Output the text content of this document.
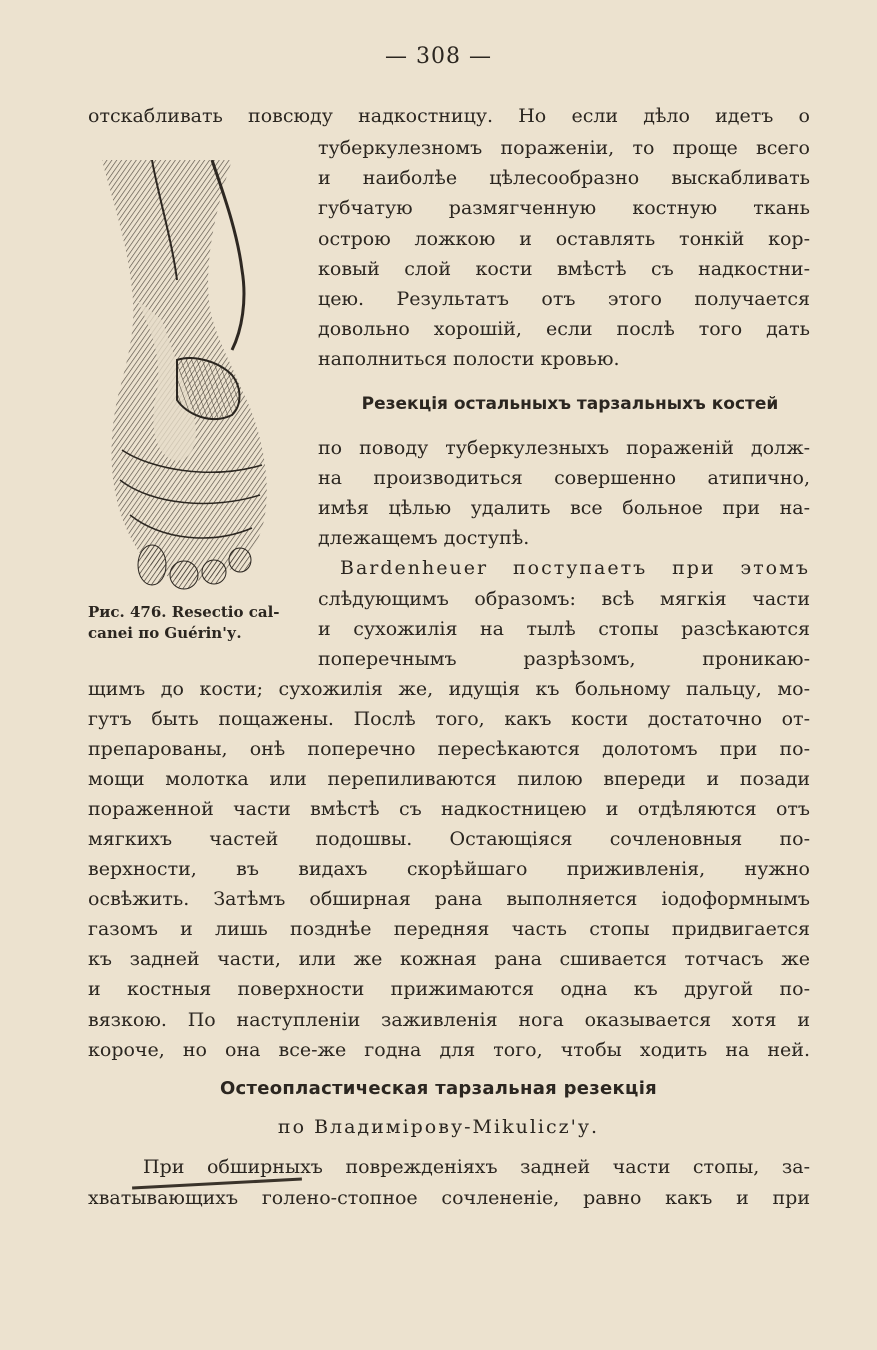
— 308 —
отскабливать повсюду надкостницу. Но если дѣло идетъ о
туберкулезномъ пораженіи, то проще всего
и наиболѣе цѣлесообразно выскабливать
губчатую размягченную костную ткань
острою ложкою и оставлять тонкій кор-
ковый слой кости вмѣстѣ съ надкостни-
цею. Результатъ отъ этого получается
довольно хорошій, если послѣ того дать
наполниться полости кровью.
Резекція остальныхъ тарзальныхъ костей
по поводу туберкулезныхъ пораженій долж-
на производиться совершенно атипично,
имѣя цѣлью удалить все больное при на-
длежащемъ доступѣ.
Рис. 476. Resectio cal-
canei по Guérin'у.
Bardenheuer поступаетъ при этомъ
слѣдующимъ образомъ: всѣ мягкія части
и сухожилія на тылѣ стопы разсѣкаются
поперечнымъ разрѣзомъ, проникаю-
щимъ до кости; сухожилія же, идущія къ больному пальцу, мо-
гутъ быть пощажены. Послѣ того, какъ кости достаточно от-
препарованы, онѣ поперечно пересѣкаются долотомъ при по-
мощи молотка или перепиливаются пилою впереди и позади
пораженной части вмѣстѣ съ надкостницею и отдѣляются отъ
мягкихъ частей подошвы. Остающіяся сочленовныя по-
верхности, въ видахъ скорѣйшаго приживленія, нужно
освѣжить. Затѣмъ обширная рана выполняется іодоформнымъ
газомъ и лишь позднѣе передняя часть стопы придвигается
къ задней части, или же кожная рана сшивается тотчасъ же
и костныя поверхности прижимаются одна къ другой по-
вязкою. По наступленіи заживленія нога оказывается хотя и
короче, но она все-же годна для того, чтобы ходить на ней.
Остеопластическая тарзальная резекція
по Владимірову-Mikulicz'у.
При обширныхъ поврежденіяхъ задней части стопы, за-
хватывающихъ голено-стопное сочлененіе, равно какъ и при
